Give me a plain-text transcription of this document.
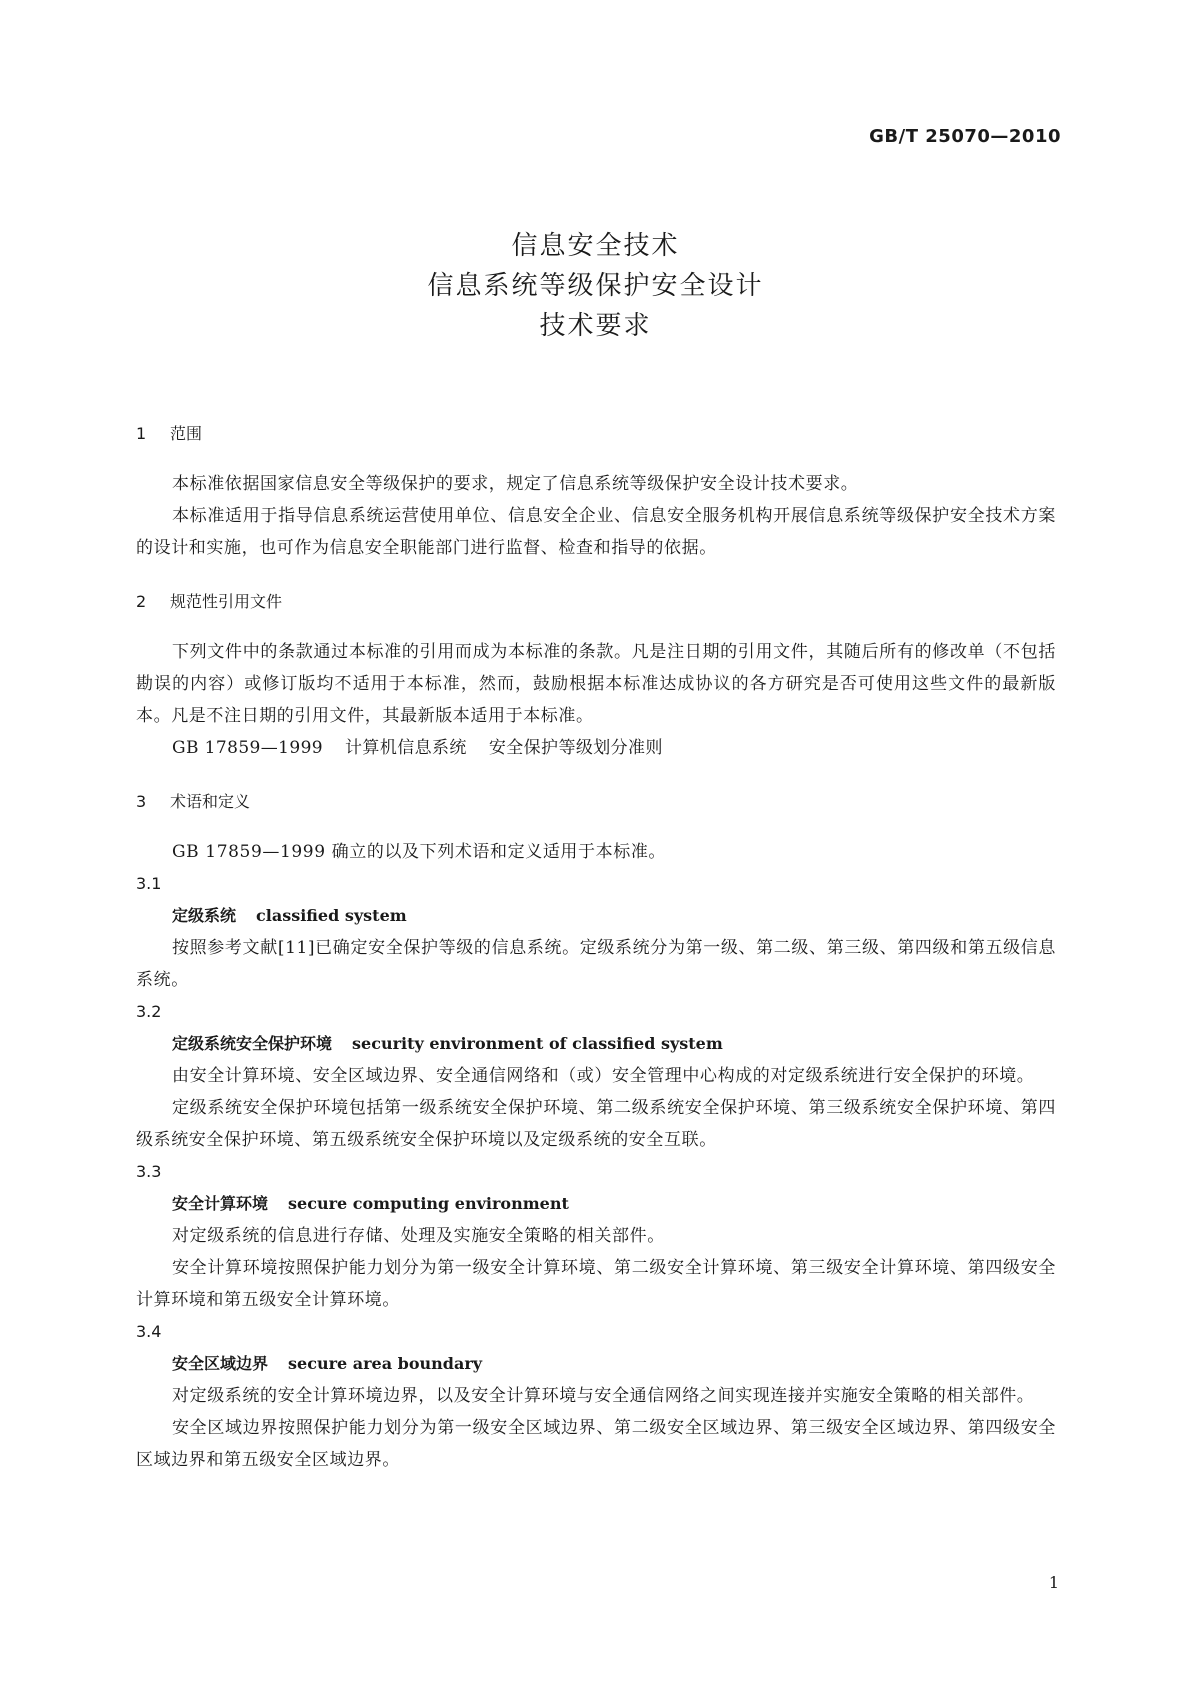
GB/T 25070—2010
信息安全技术
信息系统等级保护安全设计
技术要求
1 范围

本标准依据国家信息安全等级保护的要求，规定了信息系统等级保护安全设计技术要求。

本标准适用于指导信息系统运营使用单位、信息安全企业、信息安全服务机构开展信息系统等级保护安全技术方案的设计和实施，也可作为信息安全职能部门进行监督、检查和指导的依据。

2 规范性引用文件

下列文件中的条款通过本标准的引用而成为本标准的条款。凡是注日期的引用文件，其随后所有的修改单（不包括勘误的内容）或修订版均不适用于本标准，然而，鼓励根据本标准达成协议的各方研究是否可使用这些文件的最新版本。凡是不注日期的引用文件，其最新版本适用于本标准。

GB 17859—1999 计算机信息系统 安全保护等级划分准则

3 术语和定义

GB 17859—1999 确立的以及下列术语和定义适用于本标准。

3.1

定级系统 classified system

按照参考文献[11]已确定安全保护等级的信息系统。定级系统分为第一级、第二级、第三级、第四级和第五级信息系统。

3.2

定级系统安全保护环境 security environment of classified system

由安全计算环境、安全区域边界、安全通信网络和（或）安全管理中心构成的对定级系统进行安全保护的环境。

定级系统安全保护环境包括第一级系统安全保护环境、第二级系统安全保护环境、第三级系统安全保护环境、第四级系统安全保护环境、第五级系统安全保护环境以及定级系统的安全互联。

3.3

安全计算环境 secure computing environment

对定级系统的信息进行存储、处理及实施安全策略的相关部件。

安全计算环境按照保护能力划分为第一级安全计算环境、第二级安全计算环境、第三级安全计算环境、第四级安全计算环境和第五级安全计算环境。

3.4

安全区域边界 secure area boundary

对定级系统的安全计算环境边界，以及安全计算环境与安全通信网络之间实现连接并实施安全策略的相关部件。

安全区域边界按照保护能力划分为第一级安全区域边界、第二级安全区域边界、第三级安全区域边界、第四级安全区域边界和第五级安全区域边界。

1
